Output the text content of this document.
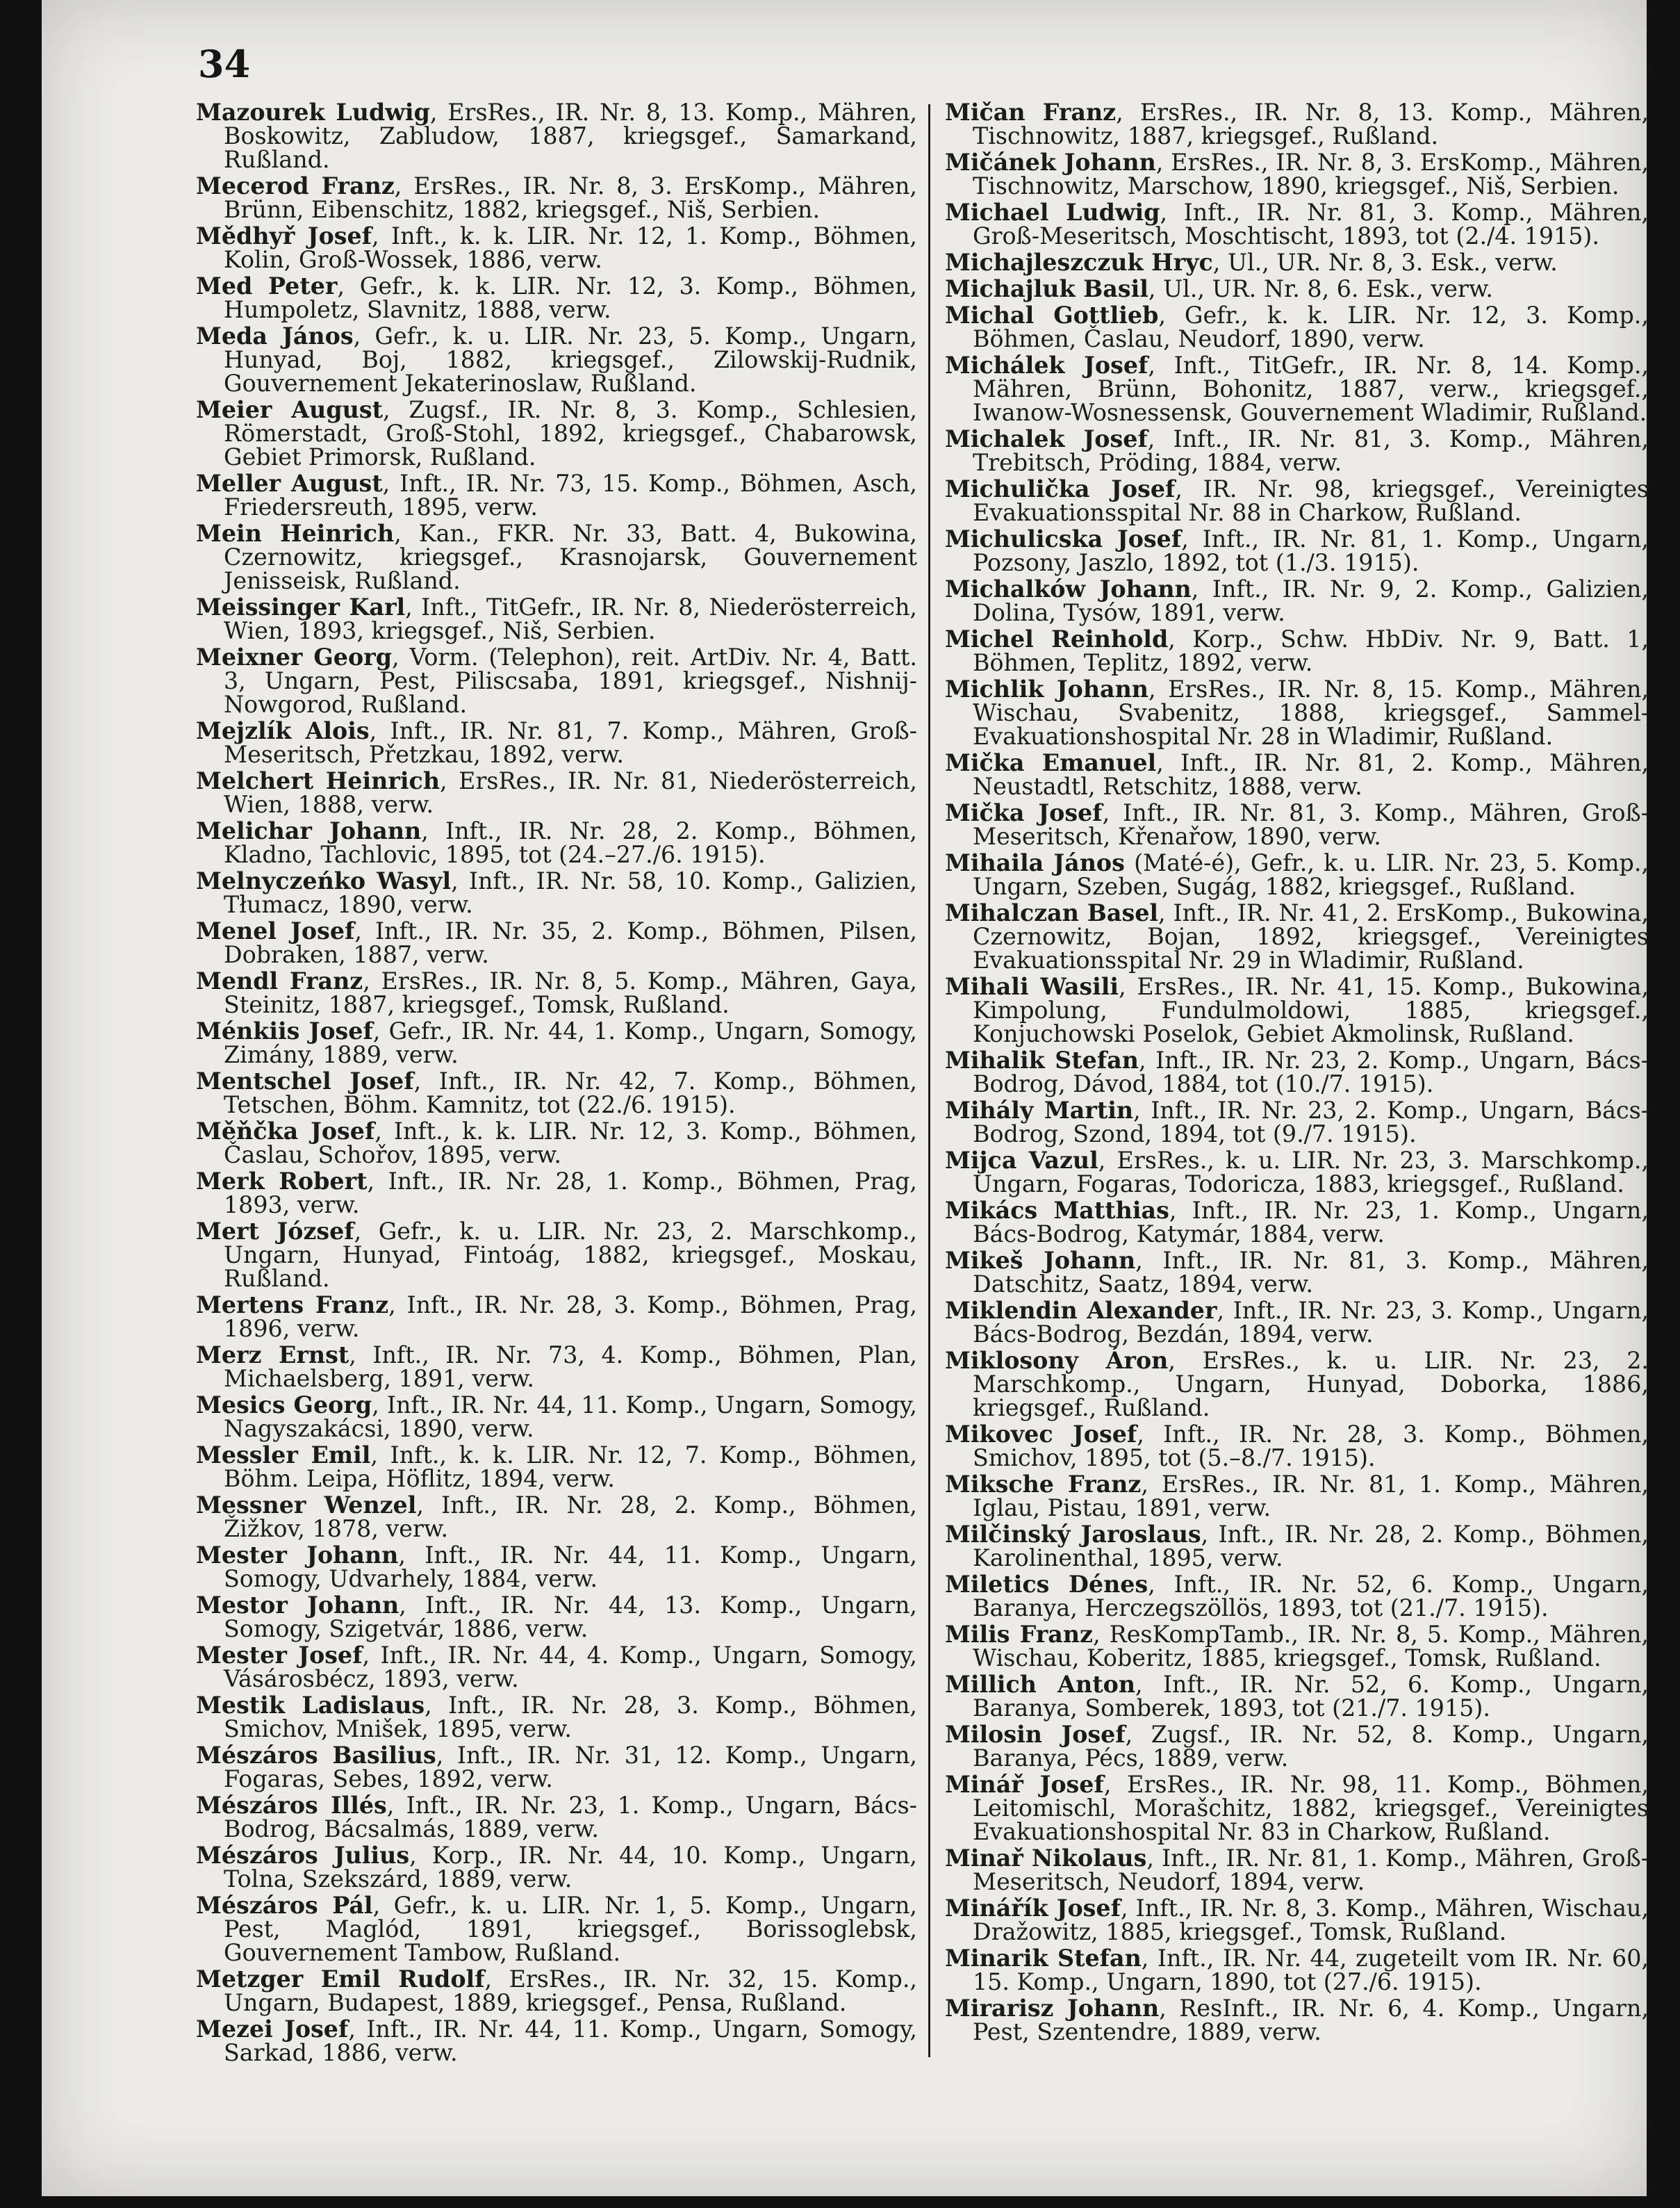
34

Mazourek Ludwig, ErsRes., IR. Nr. 8, 13. Komp., Mähren, Boskowitz, Zabludow, 1887, kriegsgef., Samarkand, Rußland.

Mecerod Franz, ErsRes., IR. Nr. 8, 3. ErsKomp., Mähren, Brünn, Eibenschitz, 1882, kriegsgef., Niš, Serbien.

Mědhyř Josef, Inft., k. k. LIR. Nr. 12, 1. Komp., Böhmen, Kolin, Groß-Wossek, 1886, verw.

Med Peter, Gefr., k. k. LIR. Nr. 12, 3. Komp., Böhmen, Humpoletz, Slavnitz, 1888, verw.

Meda János, Gefr., k. u. LIR. Nr. 23, 5. Komp., Ungarn, Hunyad, Boj, 1882, kriegsgef., Zilowskij-Rudnik, Gouvernement Jekaterinoslaw, Rußland.

Meier August, Zugsf., IR. Nr. 8, 3. Komp., Schlesien, Römerstadt, Groß-Stohl, 1892, kriegsgef., Chabarowsk, Gebiet Primorsk, Rußland.

Meller August, Inft., IR. Nr. 73, 15. Komp., Böhmen, Asch, Friedersreuth, 1895, verw.

Mein Heinrich, Kan., FKR. Nr. 33, Batt. 4, Bukowina, Czernowitz, kriegsgef., Krasnojarsk, Gouvernement Jenisseisk, Rußland.

Meissinger Karl, Inft., TitGefr., IR. Nr. 8, Niederösterreich, Wien, 1893, kriegsgef., Niš, Serbien.

Meixner Georg, Vorm. (Telephon), reit. ArtDiv. Nr. 4, Batt. 3, Ungarn, Pest, Piliscsaba, 1891, kriegsgef., Nishnij-Nowgorod, Rußland.

Mejzlík Alois, Inft., IR. Nr. 81, 7. Komp., Mähren, Groß-Meseritsch, Přetzkau, 1892, verw.

Melchert Heinrich, ErsRes., IR. Nr. 81, Niederösterreich, Wien, 1888, verw.

Melichar Johann, Inft., IR. Nr. 28, 2. Komp., Böhmen, Kladno, Tachlovic, 1895, tot (24.–27./6. 1915).

Melnyczeńko Wasyl, Inft., IR. Nr. 58, 10. Komp., Galizien, Tłumacz, 1890, verw.

Menel Josef, Inft., IR. Nr. 35, 2. Komp., Böhmen, Pilsen, Dobraken, 1887, verw.

Mendl Franz, ErsRes., IR. Nr. 8, 5. Komp., Mähren, Gaya, Steinitz, 1887, kriegsgef., Tomsk, Rußland.

Ménkiis Josef, Gefr., IR. Nr. 44, 1. Komp., Ungarn, Somogy, Zimány, 1889, verw.

Mentschel Josef, Inft., IR. Nr. 42, 7. Komp., Böhmen, Tetschen, Böhm. Kamnitz, tot (22./6. 1915).

Měňčka Josef, Inft., k. k. LIR. Nr. 12, 3. Komp., Böhmen, Časlau, Schořov, 1895, verw.

Merk Robert, Inft., IR. Nr. 28, 1. Komp., Böhmen, Prag, 1893, verw.

Mert József, Gefr., k. u. LIR. Nr. 23, 2. Marschkomp., Ungarn, Hunyad, Fintoág, 1882, kriegsgef., Moskau, Rußland.

Mertens Franz, Inft., IR. Nr. 28, 3. Komp., Böhmen, Prag, 1896, verw.

Merz Ernst, Inft., IR. Nr. 73, 4. Komp., Böhmen, Plan, Michaelsberg, 1891, verw.

Mesics Georg, Inft., IR. Nr. 44, 11. Komp., Ungarn, Somogy, Nagyszakácsi, 1890, verw.

Messler Emil, Inft., k. k. LIR. Nr. 12, 7. Komp., Böhmen, Böhm. Leipa, Höflitz, 1894, verw.

Messner Wenzel, Inft., IR. Nr. 28, 2. Komp., Böhmen, Žižkov, 1878, verw.

Mester Johann, Inft., IR. Nr. 44, 11. Komp., Ungarn, Somogy, Udvarhely, 1884, verw.

Mestor Johann, Inft., IR. Nr. 44, 13. Komp., Ungarn, Somogy, Szigetvár, 1886, verw.

Mester Josef, Inft., IR. Nr. 44, 4. Komp., Ungarn, Somogy, Vásárosbécz, 1893, verw.

Mestik Ladislaus, Inft., IR. Nr. 28, 3. Komp., Böhmen, Smichov, Mnišek, 1895, verw.

Mészáros Basilius, Inft., IR. Nr. 31, 12. Komp., Ungarn, Fogaras, Sebes, 1892, verw.

Mészáros Illés, Inft., IR. Nr. 23, 1. Komp., Ungarn, Bács-Bodrog, Bácsalmás, 1889, verw.

Mészáros Julius, Korp., IR. Nr. 44, 10. Komp., Ungarn, Tolna, Szekszárd, 1889, verw.

Mészáros Pál, Gefr., k. u. LIR. Nr. 1, 5. Komp., Ungarn, Pest, Maglód, 1891, kriegsgef., Borissoglebsk, Gouvernement Tambow, Rußland.

Metzger Emil Rudolf, ErsRes., IR. Nr. 32, 15. Komp., Ungarn, Budapest, 1889, kriegsgef., Pensa, Rußland.

Mezei Josef, Inft., IR. Nr. 44, 11. Komp., Ungarn, Somogy, Sarkad, 1886, verw.

Mičan Franz, ErsRes., IR. Nr. 8, 13. Komp., Mähren, Tischnowitz, 1887, kriegsgef., Rußland.

Mičánek Johann, ErsRes., IR. Nr. 8, 3. ErsKomp., Mähren, Tischnowitz, Marschow, 1890, kriegsgef., Niš, Serbien.

Michael Ludwig, Inft., IR. Nr. 81, 3. Komp., Mähren, Groß-Meseritsch, Moschtischt, 1893, tot (2./4. 1915).

Michajleszczuk Hryc, Ul., UR. Nr. 8, 3. Esk., verw.

Michajluk Basil, Ul., UR. Nr. 8, 6. Esk., verw.

Michal Gottlieb, Gefr., k. k. LIR. Nr. 12, 3. Komp., Böhmen, Časlau, Neudorf, 1890, verw.

Michálek Josef, Inft., TitGefr., IR. Nr. 8, 14. Komp., Mähren, Brünn, Bohonitz, 1887, verw., kriegsgef., Iwanow-Wosnessensk, Gouvernement Wladimir, Rußland.

Michalek Josef, Inft., IR. Nr. 81, 3. Komp., Mähren, Trebitsch, Pröding, 1884, verw.

Michulička Josef, IR. Nr. 98, kriegsgef., Vereinigtes Evakuationsspital Nr. 88 in Charkow, Rußland.

Michulicska Josef, Inft., IR. Nr. 81, 1. Komp., Ungarn, Pozsony, Jaszlo, 1892, tot (1./3. 1915).

Michalków Johann, Inft., IR. Nr. 9, 2. Komp., Galizien, Dolina, Tysów, 1891, verw.

Michel Reinhold, Korp., Schw. HbDiv. Nr. 9, Batt. 1, Böhmen, Teplitz, 1892, verw.

Michlik Johann, ErsRes., IR. Nr. 8, 15. Komp., Mähren, Wischau, Svabenitz, 1888, kriegsgef., Sammel-Evakuationshospital Nr. 28 in Wladimir, Rußland.

Mička Emanuel, Inft., IR. Nr. 81, 2. Komp., Mähren, Neustadtl, Retschitz, 1888, verw.

Mička Josef, Inft., IR. Nr. 81, 3. Komp., Mähren, Groß-Meseritsch, Křenařow, 1890, verw.

Mihaila János (Maté-é), Gefr., k. u. LIR. Nr. 23, 5. Komp., Ungarn, Szeben, Sugág, 1882, kriegsgef., Rußland.

Mihalczan Basel, Inft., IR. Nr. 41, 2. ErsKomp., Bukowina, Czernowitz, Bojan, 1892, kriegsgef., Vereinigtes Evakuationsspital Nr. 29 in Wladimir, Rußland.

Mihali Wasili, ErsRes., IR. Nr. 41, 15. Komp., Bukowina, Kimpolung, Fundulmoldowi, 1885, kriegsgef., Konjuchowski Poselok, Gebiet Akmolinsk, Rußland.

Mihalik Stefan, Inft., IR. Nr. 23, 2. Komp., Ungarn, Bács-Bodrog, Dávod, 1884, tot (10./7. 1915).

Mihály Martin, Inft., IR. Nr. 23, 2. Komp., Ungarn, Bács-Bodrog, Szond, 1894, tot (9./7. 1915).

Mijca Vazul, ErsRes., k. u. LIR. Nr. 23, 3. Marschkomp., Ungarn, Fogaras, Todoricza, 1883, kriegsgef., Rußland.

Mikács Matthias, Inft., IR. Nr. 23, 1. Komp., Ungarn, Bács-Bodrog, Katymár, 1884, verw.

Mikeš Johann, Inft., IR. Nr. 81, 3. Komp., Mähren, Datschitz, Saatz, 1894, verw.

Miklendin Alexander, Inft., IR. Nr. 23, 3. Komp., Ungarn, Bács-Bodrog, Bezdán, 1894, verw.

Miklosony Áron, ErsRes., k. u. LIR. Nr. 23, 2. Marschkomp., Ungarn, Hunyad, Doborka, 1886, kriegsgef., Rußland.

Mikovec Josef, Inft., IR. Nr. 28, 3. Komp., Böhmen, Smichov, 1895, tot (5.–8./7. 1915).

Miksche Franz, ErsRes., IR. Nr. 81, 1. Komp., Mähren, Iglau, Pistau, 1891, verw.

Milčinský Jaroslaus, Inft., IR. Nr. 28, 2. Komp., Böhmen, Karolinenthal, 1895, verw.

Miletics Dénes, Inft., IR. Nr. 52, 6. Komp., Ungarn, Baranya, Herczegszöllös, 1893, tot (21./7. 1915).

Milis Franz, ResKompTamb., IR. Nr. 8, 5. Komp., Mähren, Wischau, Koberitz, 1885, kriegsgef., Tomsk, Rußland.

Millich Anton, Inft., IR. Nr. 52, 6. Komp., Ungarn, Baranya, Somberek, 1893, tot (21./7. 1915).

Milosin Josef, Zugsf., IR. Nr. 52, 8. Komp., Ungarn, Baranya, Pécs, 1889, verw.

Minář Josef, ErsRes., IR. Nr. 98, 11. Komp., Böhmen, Leitomischl, Morašchitz, 1882, kriegsgef., Vereinigtes Evakuationshospital Nr. 83 in Charkow, Rußland.

Minař Nikolaus, Inft., IR. Nr. 81, 1. Komp., Mähren, Groß-Meseritsch, Neudorf, 1894, verw.

Minářík Josef, Inft., IR. Nr. 8, 3. Komp., Mähren, Wischau, Dražowitz, 1885, kriegsgef., Tomsk, Rußland.

Minarik Stefan, Inft., IR. Nr. 44, zugeteilt vom IR. Nr. 60, 15. Komp., Ungarn, 1890, tot (27./6. 1915).

Mirarisz Johann, ResInft., IR. Nr. 6, 4. Komp., Ungarn, Pest, Szentendre, 1889, verw.
